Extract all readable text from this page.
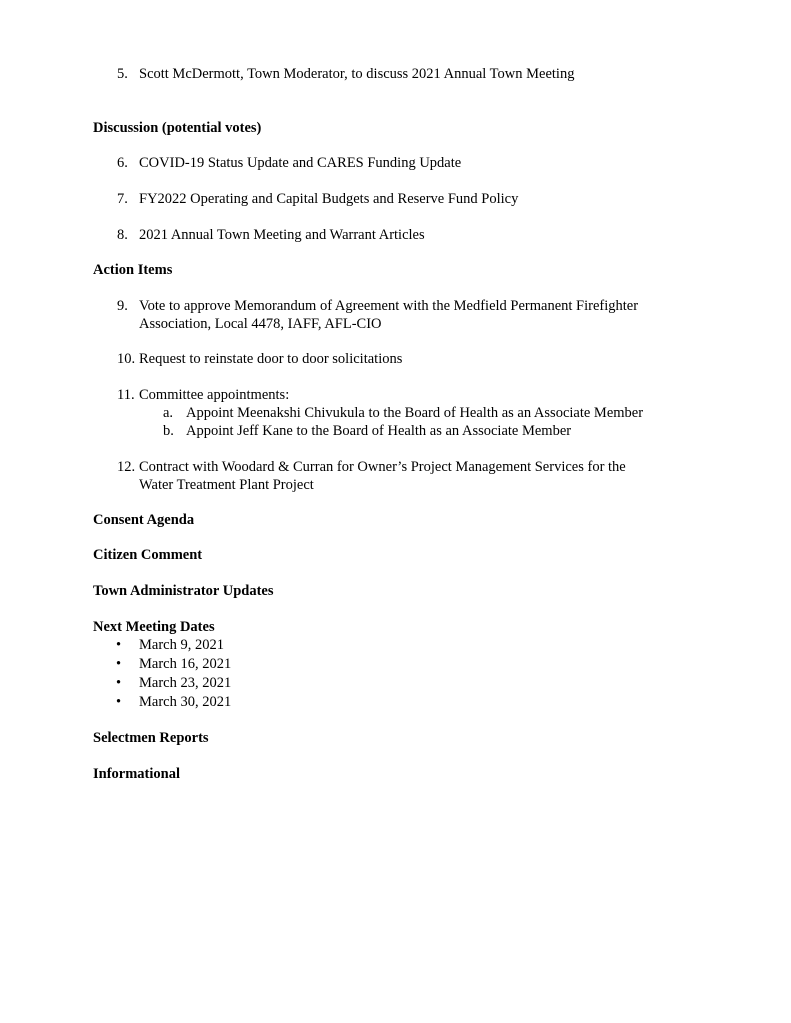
5. Scott McDermott, Town Moderator, to discuss 2021 Annual Town Meeting
Discussion (potential votes)
6. COVID-19 Status Update and CARES Funding Update
7. FY2022 Operating and Capital Budgets and Reserve Fund Policy
8. 2021 Annual Town Meeting and Warrant Articles
Action Items
9. Vote to approve Memorandum of Agreement with the Medfield Permanent Firefighter
Association, Local 4478, IAFF, AFL-CIO
10. Request to reinstate door to door solicitations
11. Committee appointments:
a. Appoint Meenakshi Chivukula to the Board of Health as an Associate Member
b. Appoint Jeff Kane to the Board of Health as an Associate Member
12. Contract with Woodard & Curran for Owner’s Project Management Services for the
Water Treatment Plant Project
Consent Agenda
Citizen Comment
Town Administrator Updates
Next Meeting Dates
• March 9, 2021
• March 16, 2021
• March 23, 2021
• March 30, 2021
Selectmen Reports
Informational
